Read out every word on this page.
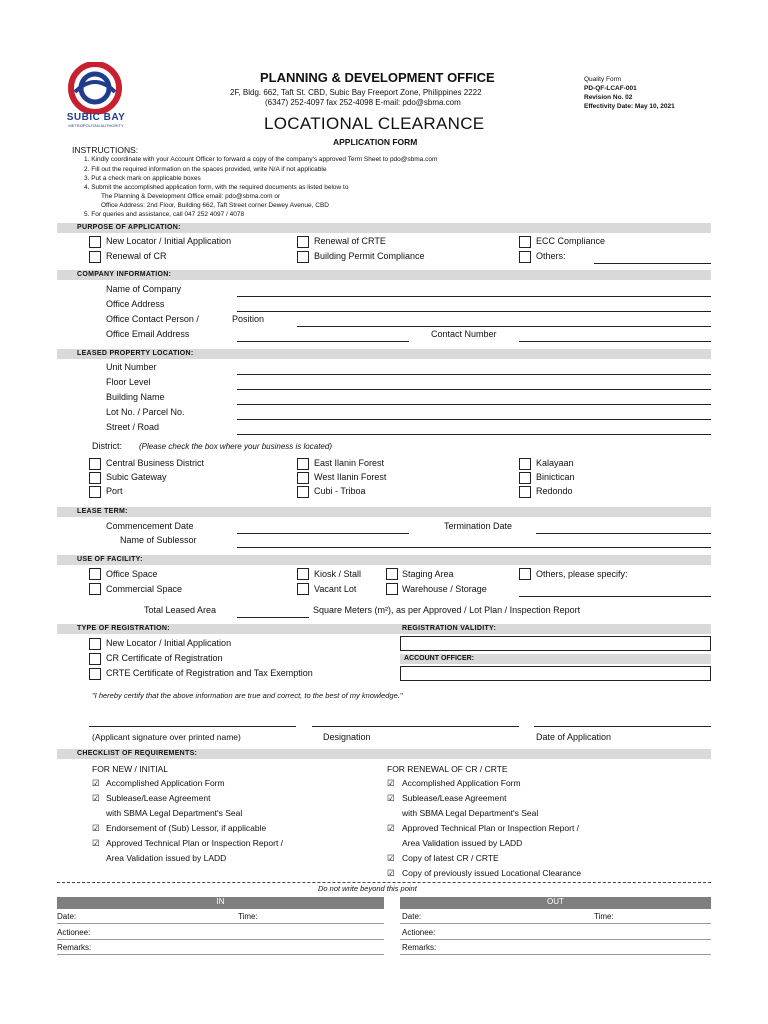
SUBIC BAY
METROPOLITAN AUTHORITY
PLANNING & DEVELOPMENT OFFICE
2F, Bldg. 662, Taft St. CBD, Subic Bay Freeport Zone, Philippines 2222
(6347) 252-4097 fax 252-4098 E-mail: pdo@sbma.com
Quality Form
PD-QF-LCAF-001
Revision No. 02
Effectivity Date: May 10, 2021
LOCATIONAL CLEARANCE
APPLICATION FORM
INSTRUCTIONS:
1. Kindly coordinate with your Account Officer to forward a copy of the company's approved Term Sheet to pdo@sbma.com
2. Fill out the required information on the spaces provided, write N/A if not applicable
3. Put a check mark on applicable boxes
4. Submit the accomplished application form, with the required documents as listed below to
The Planning & Development Office email: pdo@sbma.com or
Office Address: 2nd Floor, Building 662, Taft Street corner Dewey Avenue, CBD
5. For queries and assistance, call 047 252 4097 / 4078
PURPOSE OF APPLICATION:
New Locator / Initial Application
Renewal of CR
Renewal of CRTE
Building Permit Compliance
ECC Compliance
Others:
COMPANY INFORMATION:
Name of Company
Office Address
Office Contact Person /	Position
Office Email Address	Contact Number
LEASED PROPERTY LOCATION:
Unit Number
Floor Level
Building Name
Lot No. / Parcel No.
Street / Road
District: (Please check the box where your business is located)
Central Business District
Subic Gateway
Port
East Ilanin Forest
West Ilanin Forest
Cubi - Triboa
Kalayaan
Binictican
Redondo
LEASE TERM:
Commencement Date	Termination Date
Name of Sublessor
USE OF FACILITY:
Office Space
Commercial Space
Kiosk / Stall
Vacant Lot
Staging Area
Warehouse / Storage
Others, please specify:
Total Leased Area	Square Meters (m²), as per Approved / Lot Plan / Inspection Report
TYPE OF REGISTRATION:	REGISTRATION VALIDITY:
New Locator / Initial Application
CR Certificate of Registration
CRTE Certificate of Registration and Tax Exemption
ACCOUNT OFFICER:
"I hereby certify that the above information are true and correct, to the best of my knowledge."
(Applicant signature over printed name)	Designation	Date of Application
CHECKLIST OF REQUIREMENTS:
FOR NEW / INITIAL	FOR RENEWAL OF CR / CRTE
☑ Accomplished Application Form
☑ Sublease/Lease Agreement
with SBMA Legal Department's Seal
☑ Endorsement of (Sub) Lessor, if applicable
☑ Approved Technical Plan or Inspection Report /
Area Validation issued by LADD
☑ Accomplished Application Form
☑ Sublease/Lease Agreement
with SBMA Legal Department's Seal
☑ Approved Technical Plan or Inspection Report /
Area Validation issued by LADD
☑ Copy of latest CR / CRTE
☑ Copy of previously issued Locational Clearance
Do not write beyond this point
IN	OUT
Date:	Time:
Actionee:
Remarks:
Date:	Time:
Actionee:
Remarks:
